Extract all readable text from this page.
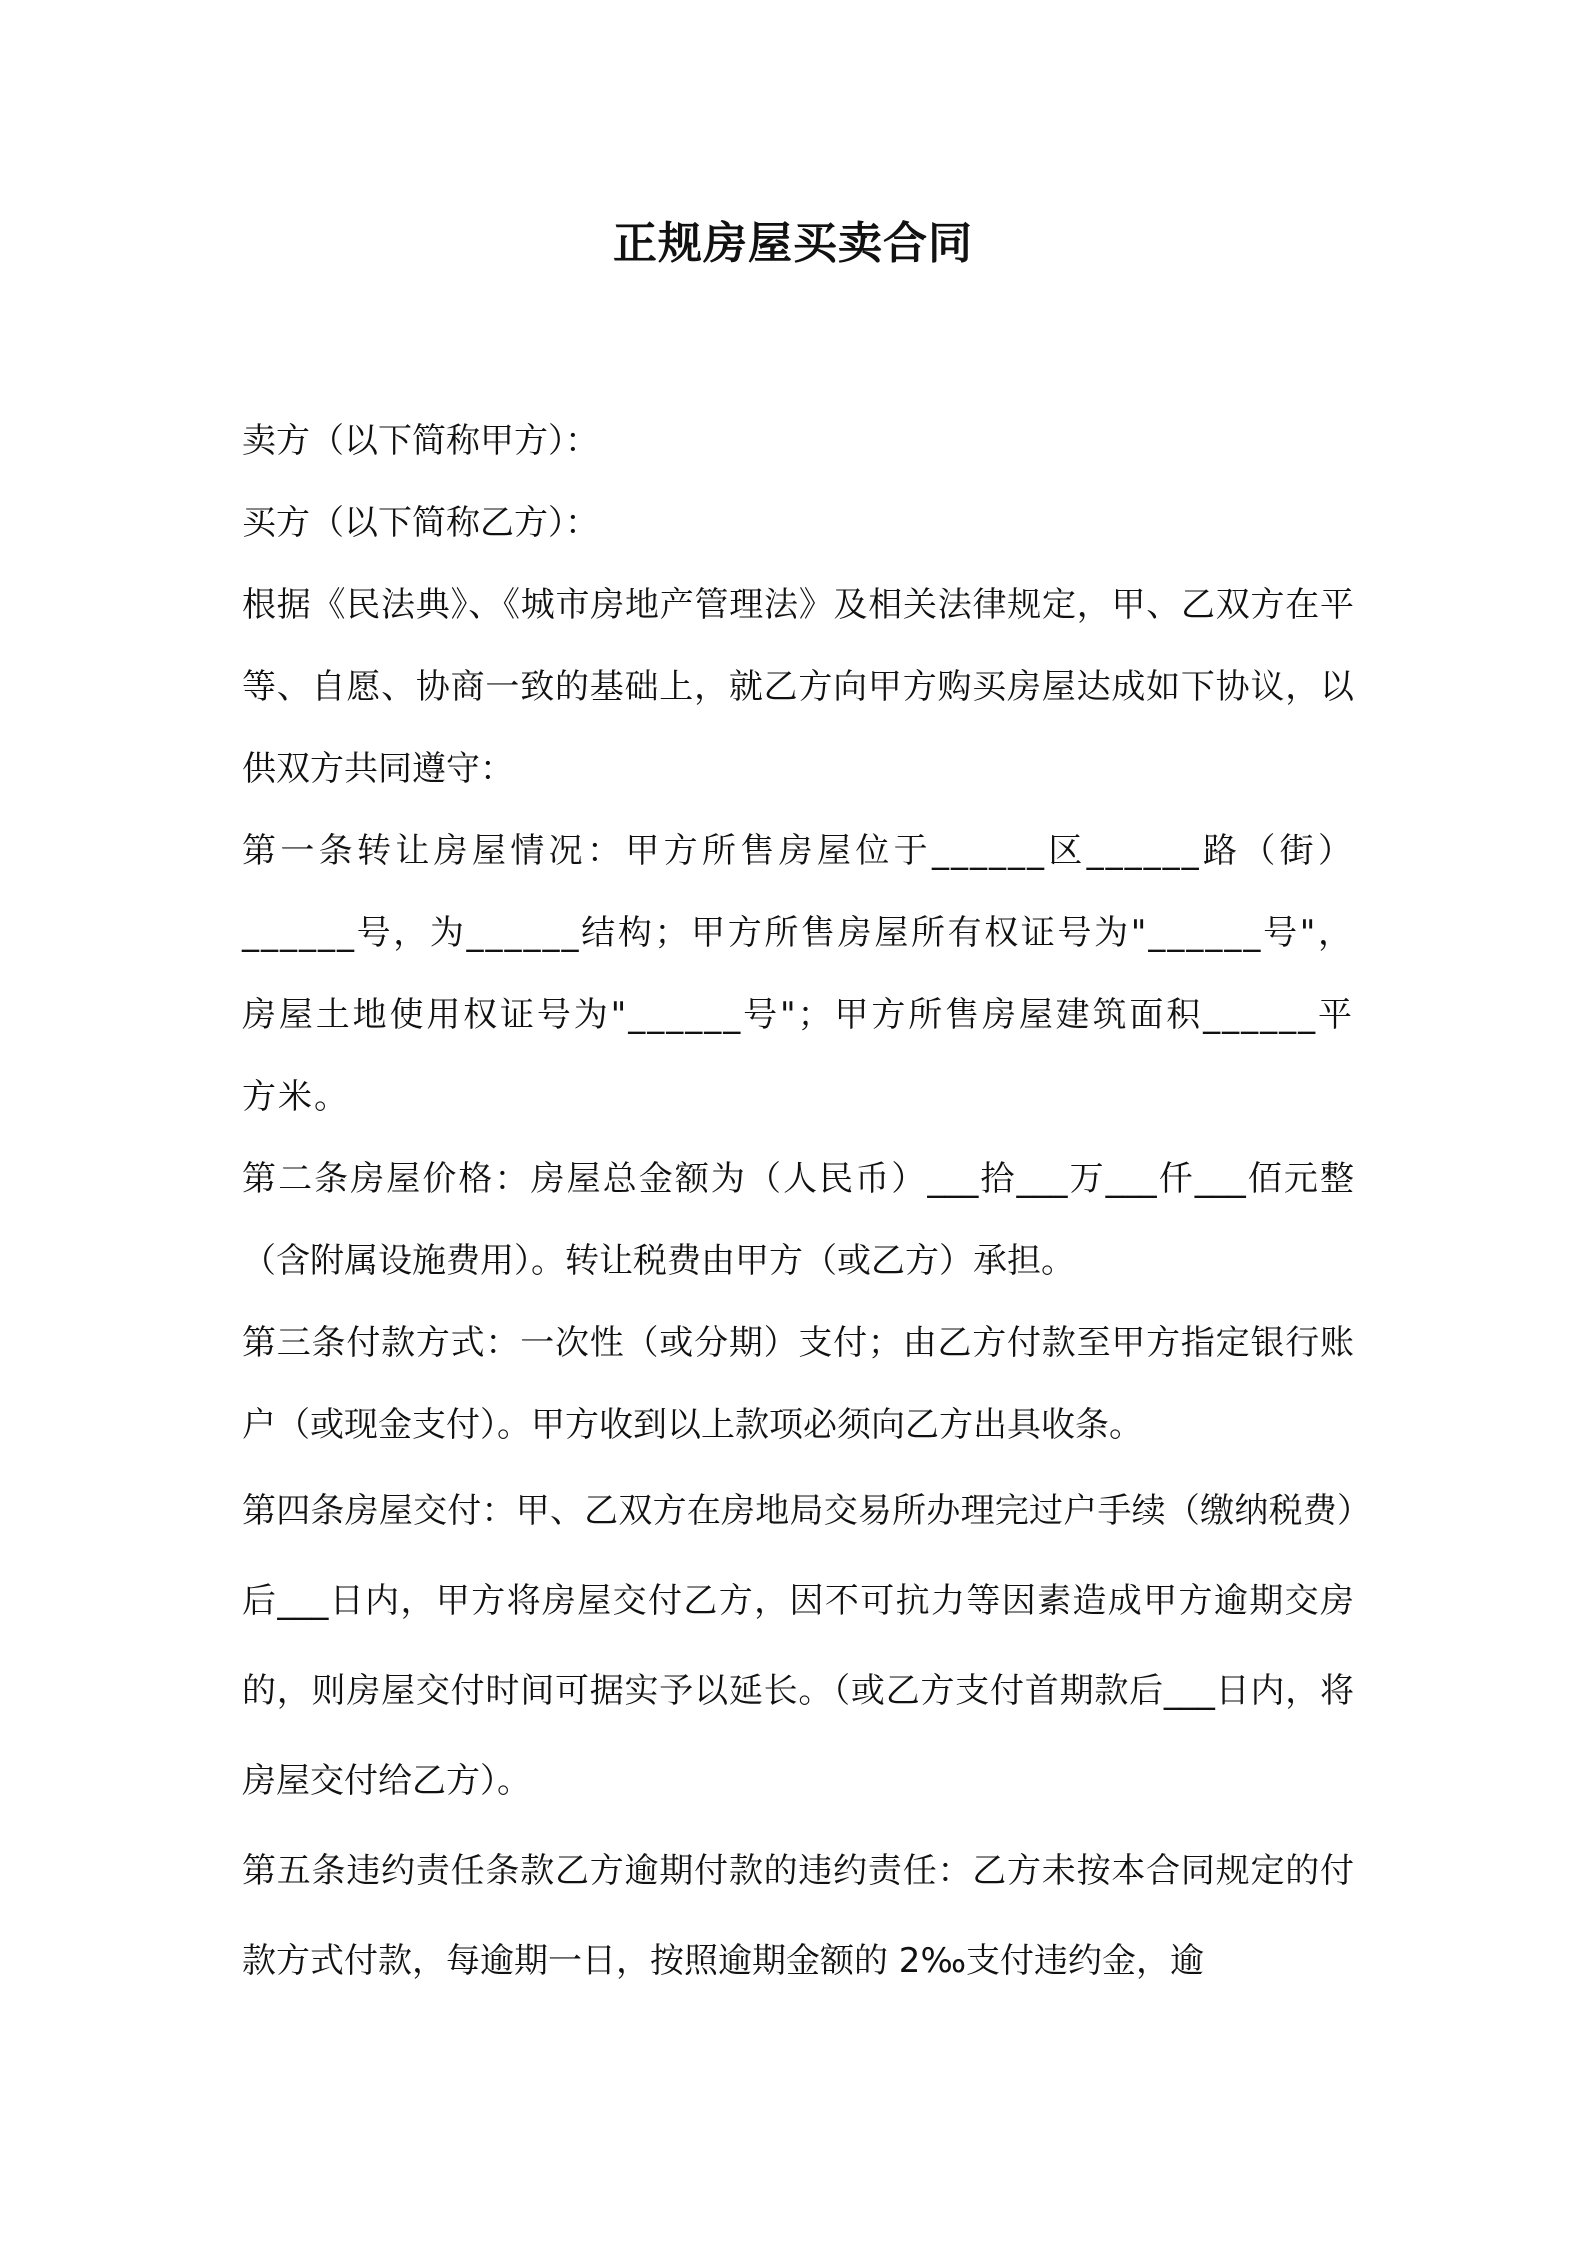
正规房屋买卖合同

卖方（以下简称甲方）：

买方（以下简称乙方）：

根据《民法典》、《城市房地产管理法》及相关法律规定，甲、乙双方在平等、自愿、协商一致的基础上，就乙方向甲方购买房屋达成如下协议，以供双方共同遵守：

第一条转让房屋情况：甲方所售房屋位于______区______路（街）______号，为______结构；甲方所售房屋所有权证号为"______号"，房屋土地使用权证号为"______号"；甲方所售房屋建筑面积______平方米。

第二条房屋价格：房屋总金额为（人民币）___拾___万___仟___佰元整（含附属设施费用）。转让税费由甲方（或乙方）承担。

第三条付款方式：一次性（或分期）支付；由乙方付款至甲方指定银行账户（或现金支付）。甲方收到以上款项必须向乙方出具收条。

第四条房屋交付：甲、乙双方在房地局交易所办理完过户手续（缴纳税费）后___日内，甲方将房屋交付乙方，因不可抗力等因素造成甲方逾期交房的，则房屋交付时间可据实予以延长。（或乙方支付首期款后___日内，将房屋交付给乙方）。

第五条违约责任条款乙方逾期付款的违约责任：乙方未按本合同规定的付款方式付款，每逾期一日，按照逾期金额的 2‰支付违约金，逾
